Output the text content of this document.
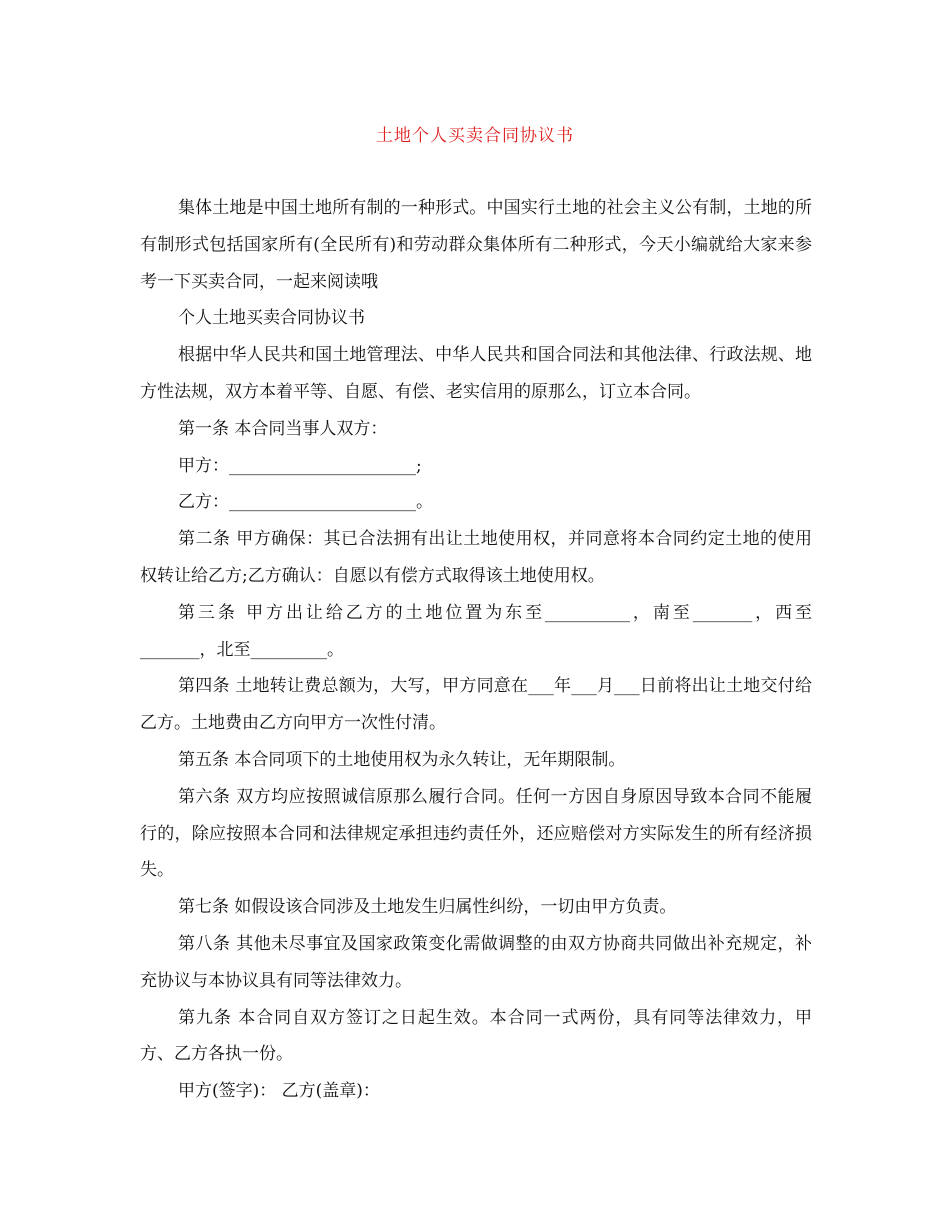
土地个人买卖合同协议书

集体土地是中国土地所有制的一种形式。中国实行土地的社会主义公有制，土地的所有制形式包括国家所有(全民所有)和劳动群众集体所有二种形式，今天小编就给大家来参考一下买卖合同，一起来阅读哦

个人土地买卖合同协议书

根据中华人民共和国土地管理法、中华人民共和国合同法和其他法律、行政法规、地方性法规，双方本着平等、自愿、有偿、老实信用的原那么，订立本合同。

第一条 本合同当事人双方：

甲方：______________________;

乙方：______________________。

第二条 甲方确保：其已合法拥有出让土地使用权，并同意将本合同约定土地的使用权转让给乙方;乙方确认：自愿以有偿方式取得该土地使用权。

第三条 甲方出让给乙方的土地位置为东至__________，南至_______，西至_______，北至_________。

第四条 土地转让费总额为，大写，甲方同意在___年___月___日前将出让土地交付给乙方。土地费由乙方向甲方一次性付清。

第五条 本合同项下的土地使用权为永久转让，无年期限制。

第六条 双方均应按照诚信原那么履行合同。任何一方因自身原因导致本合同不能履行的，除应按照本合同和法律规定承担违约责任外，还应赔偿对方实际发生的所有经济损失。

第七条 如假设该合同涉及土地发生归属性纠纷，一切由甲方负责。

第八条 其他未尽事宜及国家政策变化需做调整的由双方协商共同做出补充规定，补充协议与本协议具有同等法律效力。

第九条 本合同自双方签订之日起生效。本合同一式两份，具有同等法律效力，甲方、乙方各执一份。

甲方(签字)： 乙方(盖章)：
